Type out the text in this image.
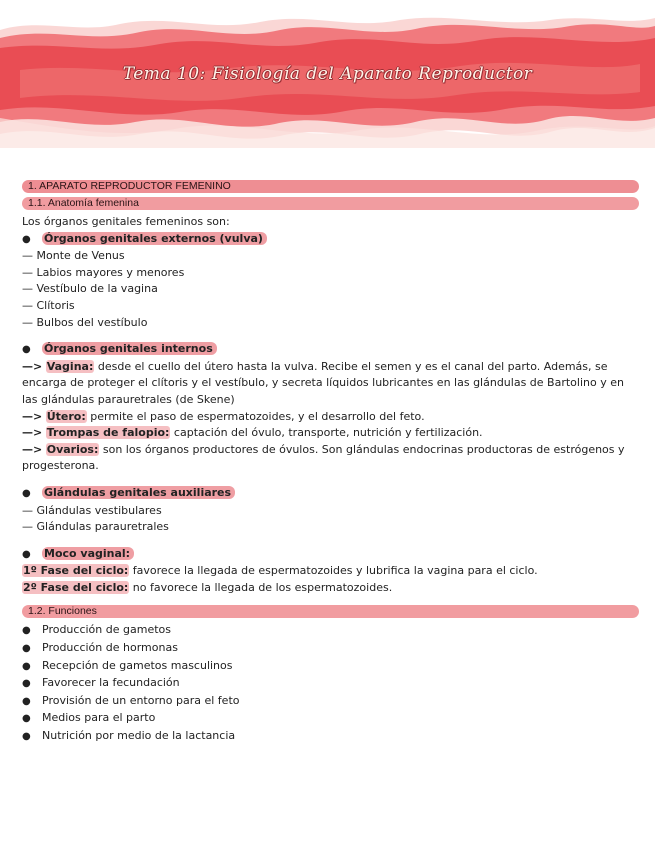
Tema 10: Fisiología del Aparato Reproductor
1. APARATO REPRODUCTOR FEMENINO
1.1. Anatomía femenina

Los órganos genitales femeninos son:

● Órganos genitales externos (vulva)

— Monte de Venus

— Labios mayores y menores

— Vestíbulo de la vagina

— Clítoris

— Bulbos del vestíbulo

● Órganos genitales internos

—> Vagina: desde el cuello del útero hasta la vulva. Recibe el semen y es el canal del parto. Además, se encarga de proteger el clítoris y el vestíbulo, y secreta líquidos lubricantes en las glándulas de Bartolino y en las glándulas parauretrales (de Skene)

—> Útero: permite el paso de espermatozoides, y el desarrollo del feto.

—> Trompas de falopio: captación del óvulo, transporte, nutrición y fertilización.

—> Ovarios: son los órganos productores de óvulos. Son glándulas endocrinas productoras de estrógenos y progesterona.

● Glándulas genitales auxiliares

— Glándulas vestibulares

— Glándulas parauretrales

● Moco vaginal:

1º Fase del ciclo: favorece la llegada de espermatozoides y lubrifica la vagina para el ciclo.

2º Fase del ciclo: no favorece la llegada de los espermatozoides.

1.2. Funciones

● Producción de gametos

● Producción de hormonas

● Recepción de gametos masculinos

● Favorecer la fecundación

● Provisión de un entorno para el feto

● Medios para el parto

● Nutrición por medio de la lactancia
